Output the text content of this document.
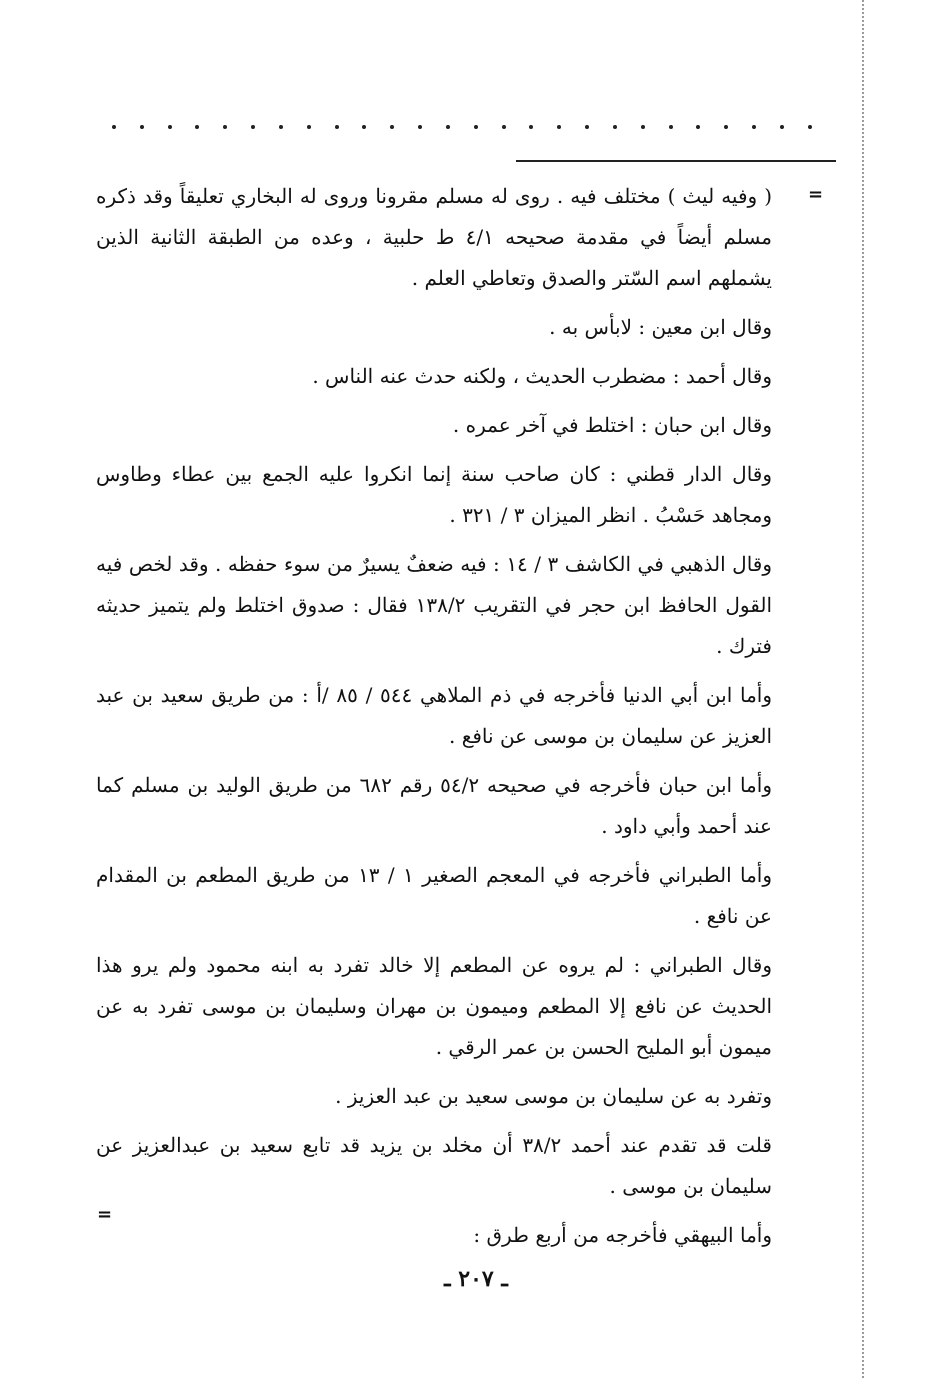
=

( وفيه ليث ) مختلف فيه . روى له مسلم مقرونا وروى له البخاري تعليقاً وقد ذكره مسلم أيضاً في مقدمة صحيحه ٤/١ ط حلبية ، وعده من الطبقة الثانية الذين يشملهم اسم السّتر والصدق وتعاطي العلم .

وقال ابن معين : لابأس به .

وقال أحمد : مضطرب الحديث ، ولكنه حدث عنه الناس .

وقال ابن حبان : اختلط في آخر عمره .

وقال الدار قطني : كان صاحب سنة إنما انكروا عليه الجمع بين عطاء وطاوس ومجاهد حَسْبُ . انظر الميزان ٣ / ٣٢١ .

وقال الذهبي في الكاشف ٣ / ١٤ : فيه ضعفٌ يسيرٌ من سوء حفظه . وقد لخص فيه القول الحافظ ابن حجر في التقريب ١٣٨/٢ فقال : صدوق اختلط ولم يتميز حديثه فترك .

وأما ابن أبي الدنيا فأخرجه في ذم الملاهي ٥٤٤ / ٨٥ /أ : من طريق سعيد بن عبد العزيز عن سليمان بن موسى عن نافع .

وأما ابن حبان فأخرجه في صحيحه ٥٤/٢ رقم ٦٨٢ من طريق الوليد بن مسلم كما عند أحمد وأبي داود .

وأما الطبراني فأخرجه في المعجم الصغير ١ / ١٣ من طريق المطعم بن المقدام عن نافع .

وقال الطبراني : لم يروه عن المطعم إلا خالد تفرد به ابنه محمود ولم يرو هذا الحديث عن نافع إلا المطعم وميمون بن مهران وسليمان بن موسى تفرد به عن ميمون أبو المليح الحسن بن عمر الرقي .

وتفرد به عن سليمان بن موسى سعيد بن عبد العزيز .

قلت قد تقدم عند أحمد ٣٨/٢ أن مخلد بن يزيد قد تابع سعيد بن عبدالعزيز عن سليمان بن موسى .

وأما البيهقي فأخرجه من أربع طرق :

=
ـ ٢٠٧ ـ
